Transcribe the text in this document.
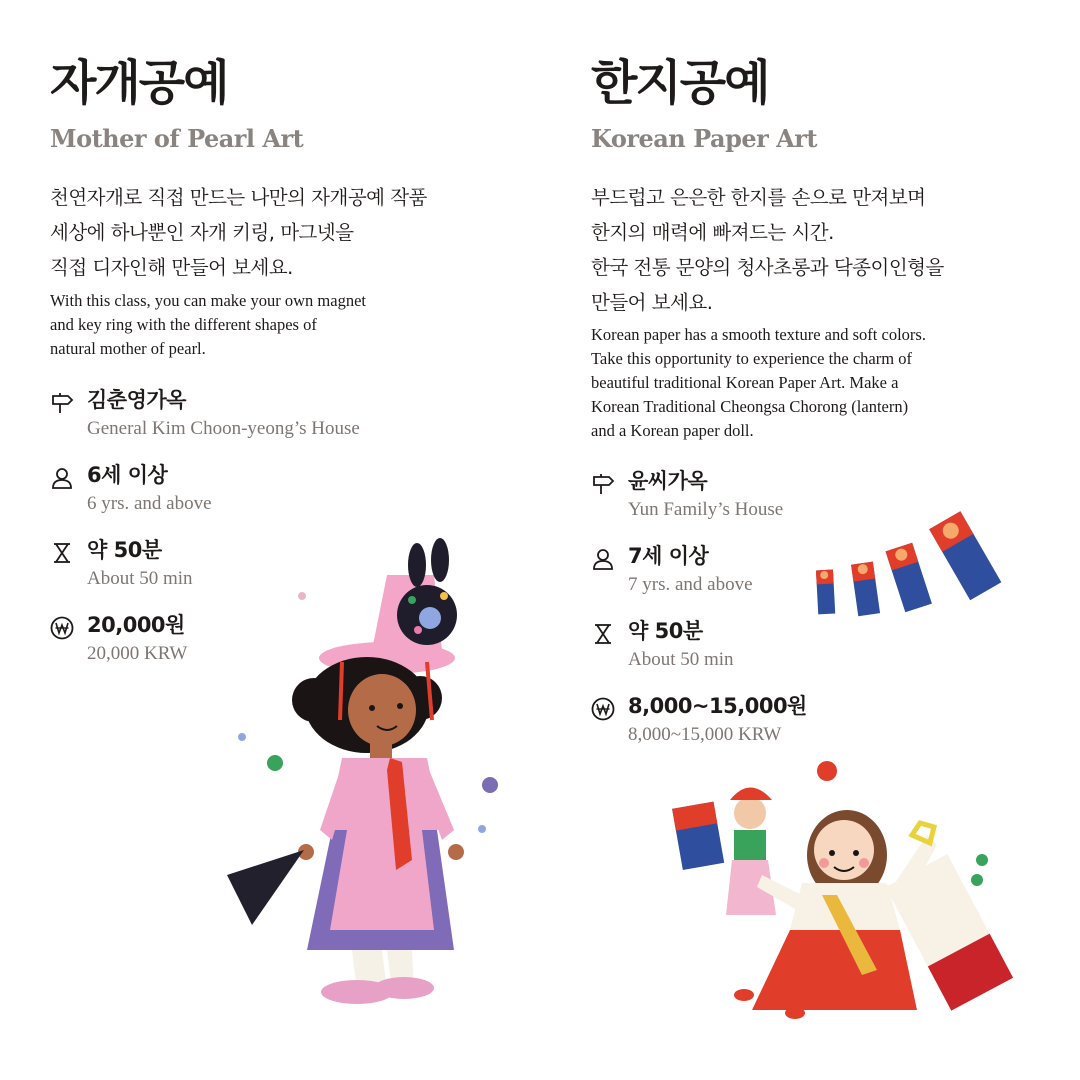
자개공예
Mother of Pearl Art

천연자개로 직접 만드는 나만의 자개공예 작품
세상에 하나뿐인 자개 키링, 마그넷을
직접 디자인해 만들어 보세요.

With this class, you can make your own magnet
and key ring with the different shapes of
natural mother of pearl.

김춘영가옥
General Kim Choon-yeong’s House
6세 이상
6 yrs. and above
약 50분
About 50 min
20,000원
20,000 KRW
한지공예
Korean Paper Art

부드럽고 은은한 한지를 손으로 만져보며
한지의 매력에 빠져드는 시간.
한국 전통 문양의 청사초롱과 닥종이인형을
만들어 보세요.

Korean paper has a smooth texture and soft colors.
Take this opportunity to experience the charm of
beautiful traditional Korean Paper Art. Make a
Korean Traditional Cheongsa Chorong (lantern)
and a Korean paper doll.

윤씨가옥
Yun Family’s House
7세 이상
7 yrs. and above
약 50분
About 50 min
8,000~15,000원
8,000~15,000 KRW
